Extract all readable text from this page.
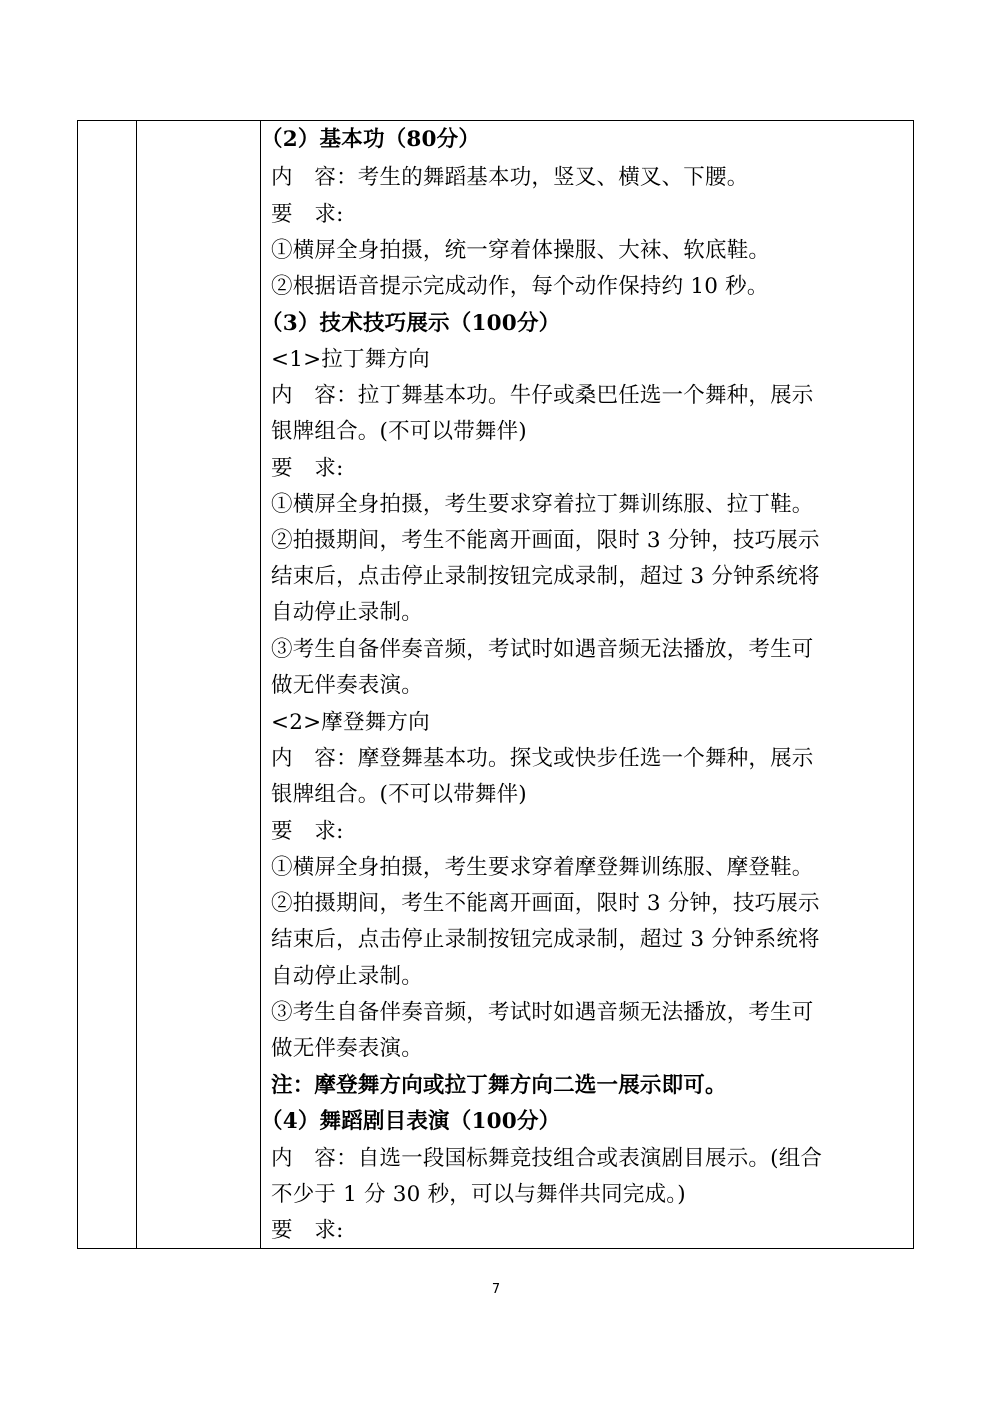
（2）基本功（80分）
内　容：考生的舞蹈基本功，竖叉、横叉、下腰。
要　求:
①横屏全身拍摄，统一穿着体操服、大袜、软底鞋。
②根据语音提示完成动作，每个动作保持约 10 秒。
（3）技术技巧展示（100分）
<1>拉丁舞方向
内　容：拉丁舞基本功。牛仔或桑巴任选一个舞种，展示
银牌组合。(不可以带舞伴)
要　求:
①横屏全身拍摄，考生要求穿着拉丁舞训练服、拉丁鞋。
②拍摄期间，考生不能离开画面，限时 3 分钟，技巧展示
结束后，点击停止录制按钮完成录制，超过 3 分钟系统将
自动停止录制。
③考生自备伴奏音频，考试时如遇音频无法播放，考生可
做无伴奏表演。
<2>摩登舞方向
内　容：摩登舞基本功。探戈或快步任选一个舞种，展示
银牌组合。(不可以带舞伴)
要　求:
①横屏全身拍摄，考生要求穿着摩登舞训练服、摩登鞋。
②拍摄期间，考生不能离开画面，限时 3 分钟，技巧展示
结束后，点击停止录制按钮完成录制，超过 3 分钟系统将
自动停止录制。
③考生自备伴奏音频，考试时如遇音频无法播放，考生可
做无伴奏表演。
注：摩登舞方向或拉丁舞方向二选一展示即可。
（4）舞蹈剧目表演（100分）
内　容：自选一段国标舞竞技组合或表演剧目展示。(组合
不少于 1 分 30 秒，可以与舞伴共同完成。)
要　求:
7
